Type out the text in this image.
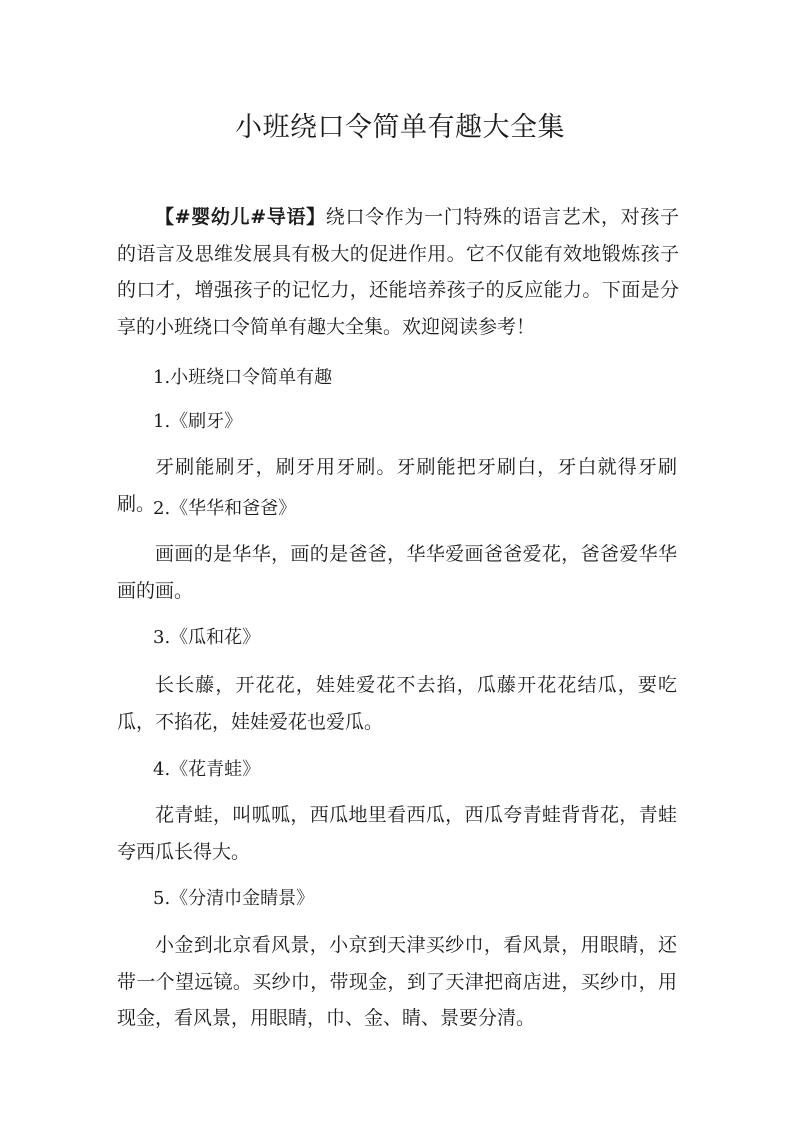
小班绕口令简单有趣大全集
【#婴幼儿#导语】绕口令作为一门特殊的语言艺术，对孩子的语言及思维发展具有极大的促进作用。它不仅能有效地锻炼孩子的口才，增强孩子的记忆力，还能培养孩子的反应能力。下面是分享的小班绕口令简单有趣大全集。欢迎阅读参考！
1.小班绕口令简单有趣
1.《刷牙》
牙刷能刷牙，刷牙用牙刷。牙刷能把牙刷白，牙白就得牙刷刷。
2.《华华和爸爸》
画画的是华华，画的是爸爸，华华爱画爸爸爱花，爸爸爱华华画的画。
3.《瓜和花》
长长藤，开花花，娃娃爱花不去掐，瓜藤开花花结瓜，要吃瓜，不掐花，娃娃爱花也爱瓜。
4.《花青蛙》
花青蛙，叫呱呱，西瓜地里看西瓜，西瓜夸青蛙背背花，青蛙夸西瓜长得大。
5.《分清巾金睛景》
小金到北京看风景，小京到天津买纱巾，看风景，用眼睛，还带一个望远镜。买纱巾，带现金，到了天津把商店进，买纱巾，用现金，看风景，用眼睛，巾、金、睛、景要分清。
